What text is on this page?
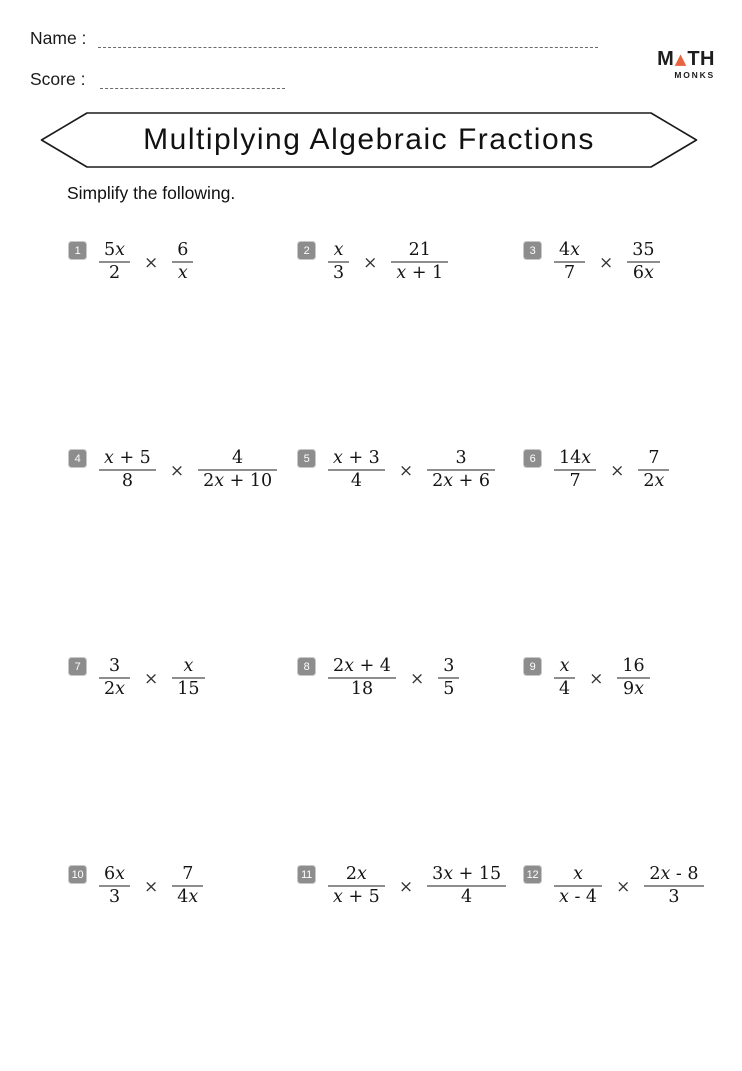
Name :
Score :
M ▲ TH
MONKS
Multiplying Algebraic Fractions
Simplify the following.
1	$\frac{5x}{2} \times \frac{6}{x}$	2	$\frac{x}{3} \times \frac{21}{x + 1}$	3	$\frac{4x}{7} \times \frac{35}{6x}$
4	$\frac{x + 5}{8} \times \frac{4}{2x + 10}$	5	$\frac{x + 3}{4} \times \frac{3}{2x + 6}$	6	$\frac{14x}{7} \times \frac{7}{2x}$
7	$\frac{3}{2x} \times \frac{x}{15}$	8	$\frac{2x + 4}{18} \times \frac{3}{5}$	9	$\frac{x}{4} \times \frac{16}{9x}$
$10 \frac{6x}{3} \times \frac{7}{4x}$	$11 \frac{2x}{x + 5} \times \frac{3x + 15}{4}$	$12 \frac{x}{x - 4} \times \frac{2x - 8}{3}$
